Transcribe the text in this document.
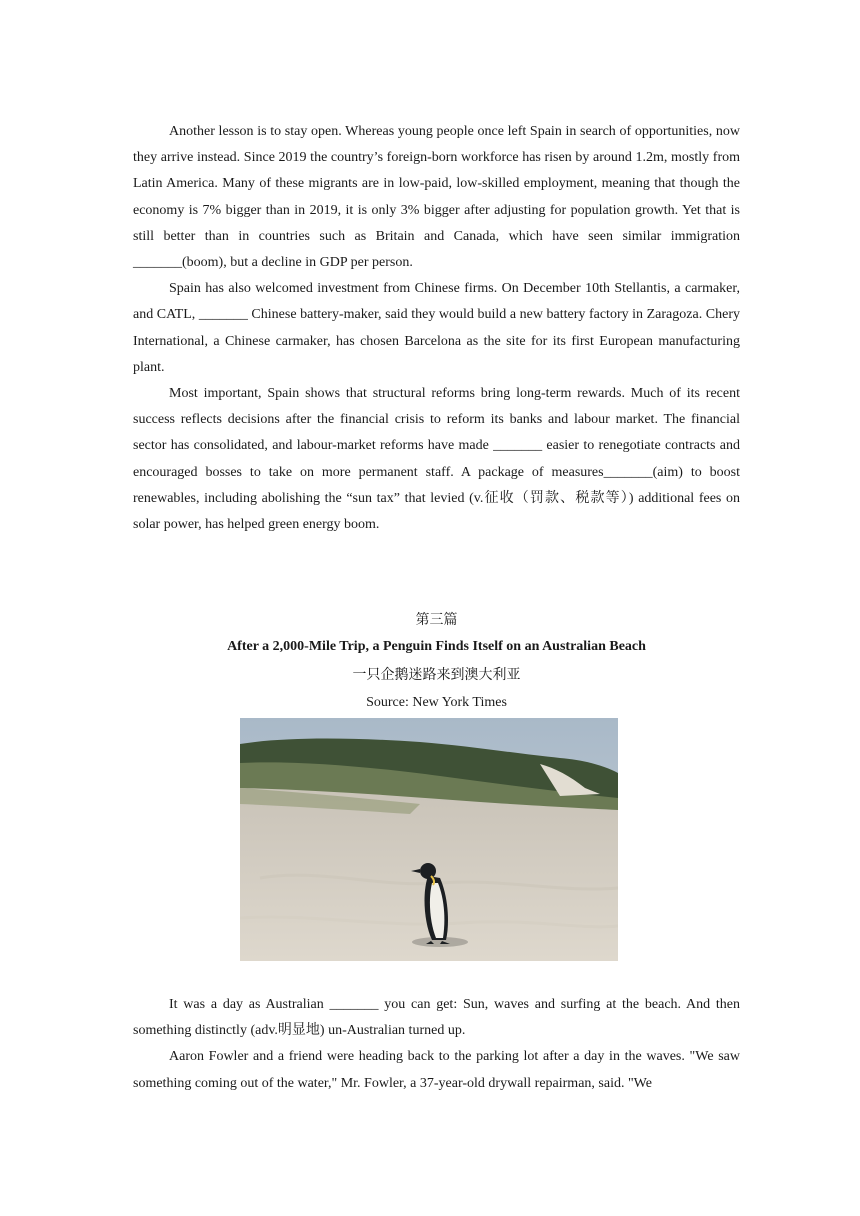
Another lesson is to stay open. Whereas young people once left Spain in search of opportunities, now they arrive instead. Since 2019 the country’s foreign-born workforce has risen by around 1.2m, mostly from Latin America. Many of these migrants are in low-paid, low-skilled employment, meaning that though the economy is 7% bigger than in 2019, it is only 3% bigger after adjusting for population growth. Yet that is still better than in countries such as Britain and Canada, which have seen similar immigration _______(boom), but a decline in GDP per person.

Spain has also welcomed investment from Chinese firms. On December 10th Stellantis, a carmaker, and CATL, _______ Chinese battery-maker, said they would build a new battery factory in Zaragoza. Chery International, a Chinese carmaker, has chosen Barcelona as the site for its first European manufacturing plant.

Most important, Spain shows that structural reforms bring long-term rewards. Much of its recent success reflects decisions after the financial crisis to reform its banks and labour market. The financial sector has consolidated, and labour-market reforms have made _______ easier to renegotiate contracts and encouraged bosses to take on more permanent staff. A package of measures_______(aim) to boost renewables, including abolishing the “sun tax” that levied (v.征收（罚款、税款等）) additional fees on solar power, has helped green energy boom.

第三篇

After a 2,000-Mile Trip, a Penguin Finds Itself on an Australian Beach

一只企鹅迷路来到澳大利亚

Source: New York Times

It was a day as Australian _______ you can get: Sun, waves and surfing at the beach. And then something distinctly (adv.明显地) un-Australian turned up.

Aaron Fowler and a friend were heading back to the parking lot after a day in the waves. "We saw something coming out of the water," Mr. Fowler, a 37-year-old drywall repairman, said. "We
